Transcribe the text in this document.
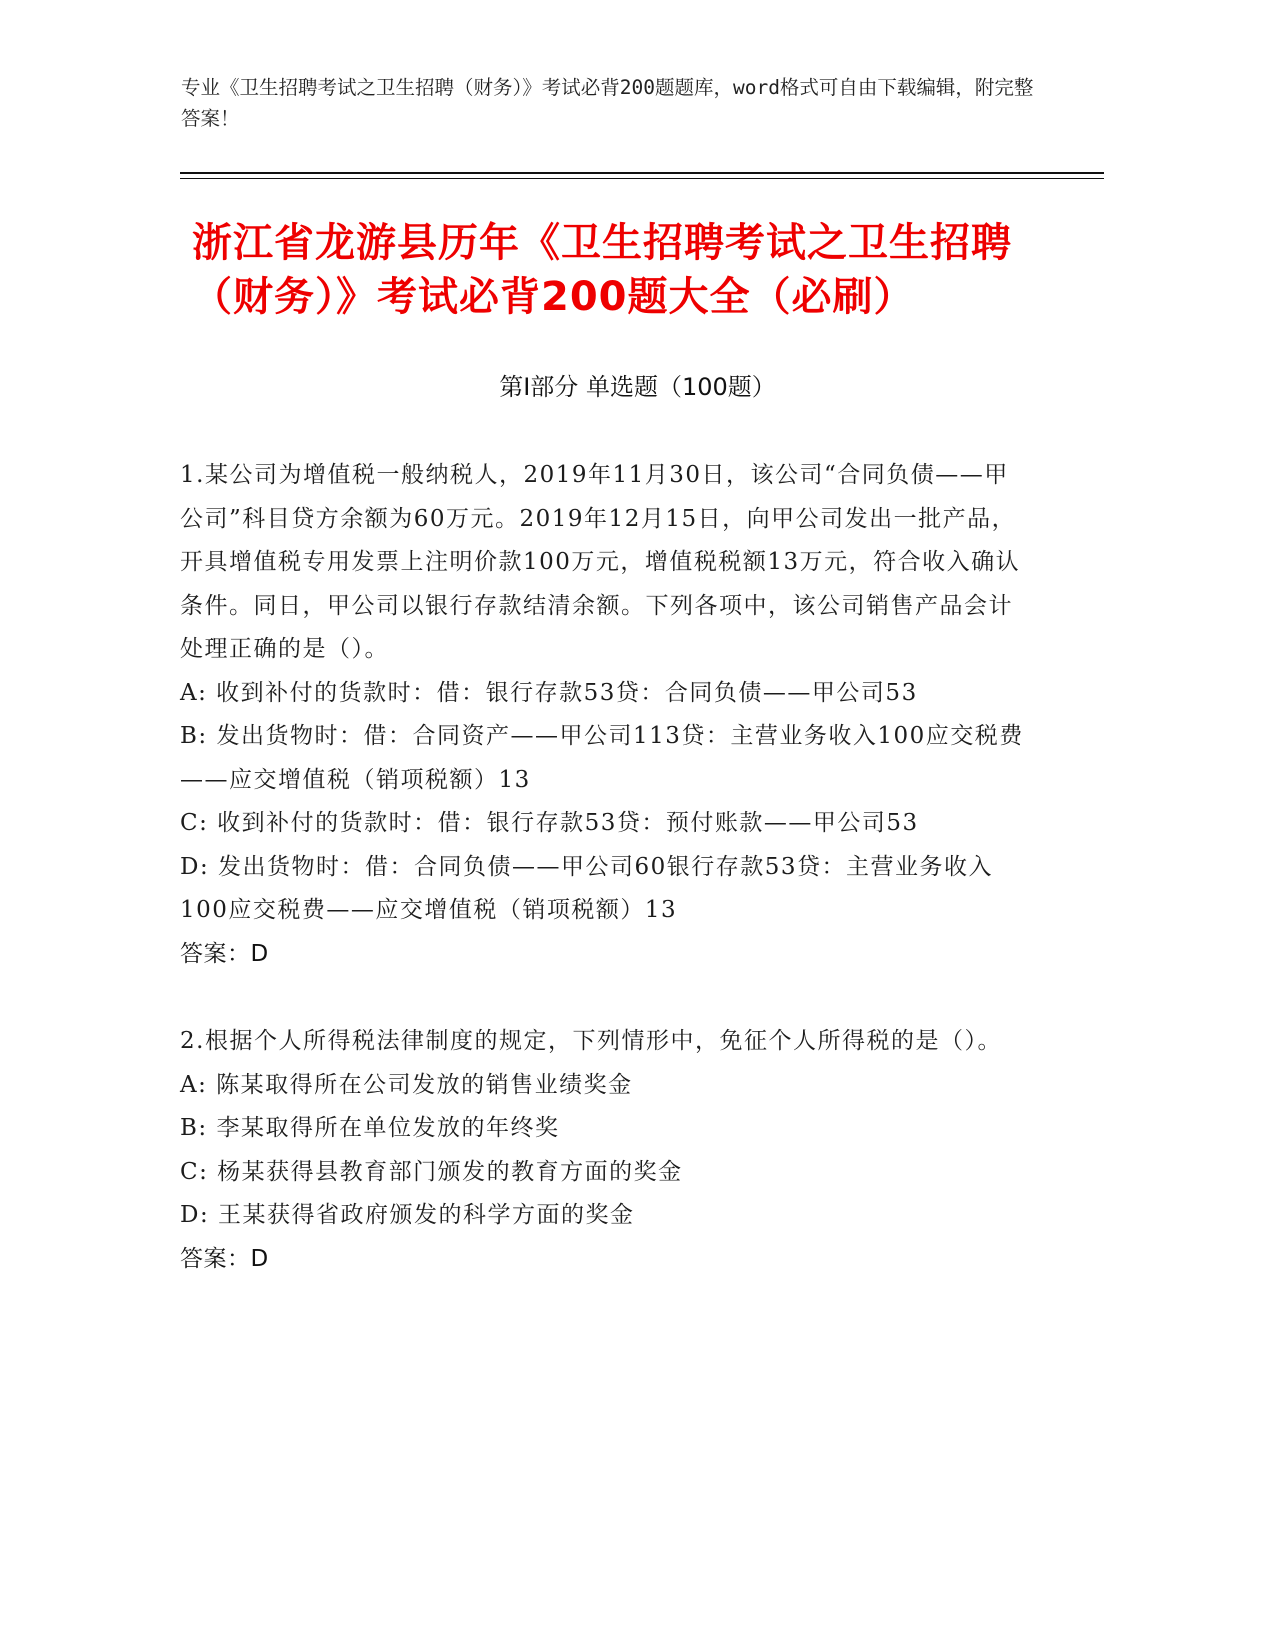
专业《卫生招聘考试之卫生招聘（财务）》考试必背200题题库，word格式可自由下载编辑，附完整答案！
浙江省龙游县历年《卫生招聘考试之卫生招聘（财务）》考试必背200题大全（必刷）
第I部分 单选题（100题）

1.某公司为增值税一般纳税人，2019年11月30日，该公司“合同负债——甲公司”科目贷方余额为60万元。2019年12月15日，向甲公司发出一批产品，开具增值税专用发票上注明价款100万元，增值税税额13万元，符合收入确认条件。同日，甲公司以银行存款结清余额。下列各项中，该公司销售产品会计处理正确的是（）。

A: 收到补付的货款时：借：银行存款53贷：合同负债——甲公司53

B: 发出货物时：借：合同资产——甲公司113贷：主营业务收入100应交税费——应交增值税（销项税额）13

C: 收到补付的货款时：借：银行存款53贷：预付账款——甲公司53

D: 发出货物时：借：合同负债——甲公司60银行存款53贷：主营业务收入100应交税费——应交增值税（销项税额）13

答案：D

2.根据个人所得税法律制度的规定，下列情形中，免征个人所得税的是（）。

A: 陈某取得所在公司发放的销售业绩奖金

B: 李某取得所在单位发放的年终奖

C: 杨某获得县教育部门颁发的教育方面的奖金

D: 王某获得省政府颁发的科学方面的奖金

答案：D
